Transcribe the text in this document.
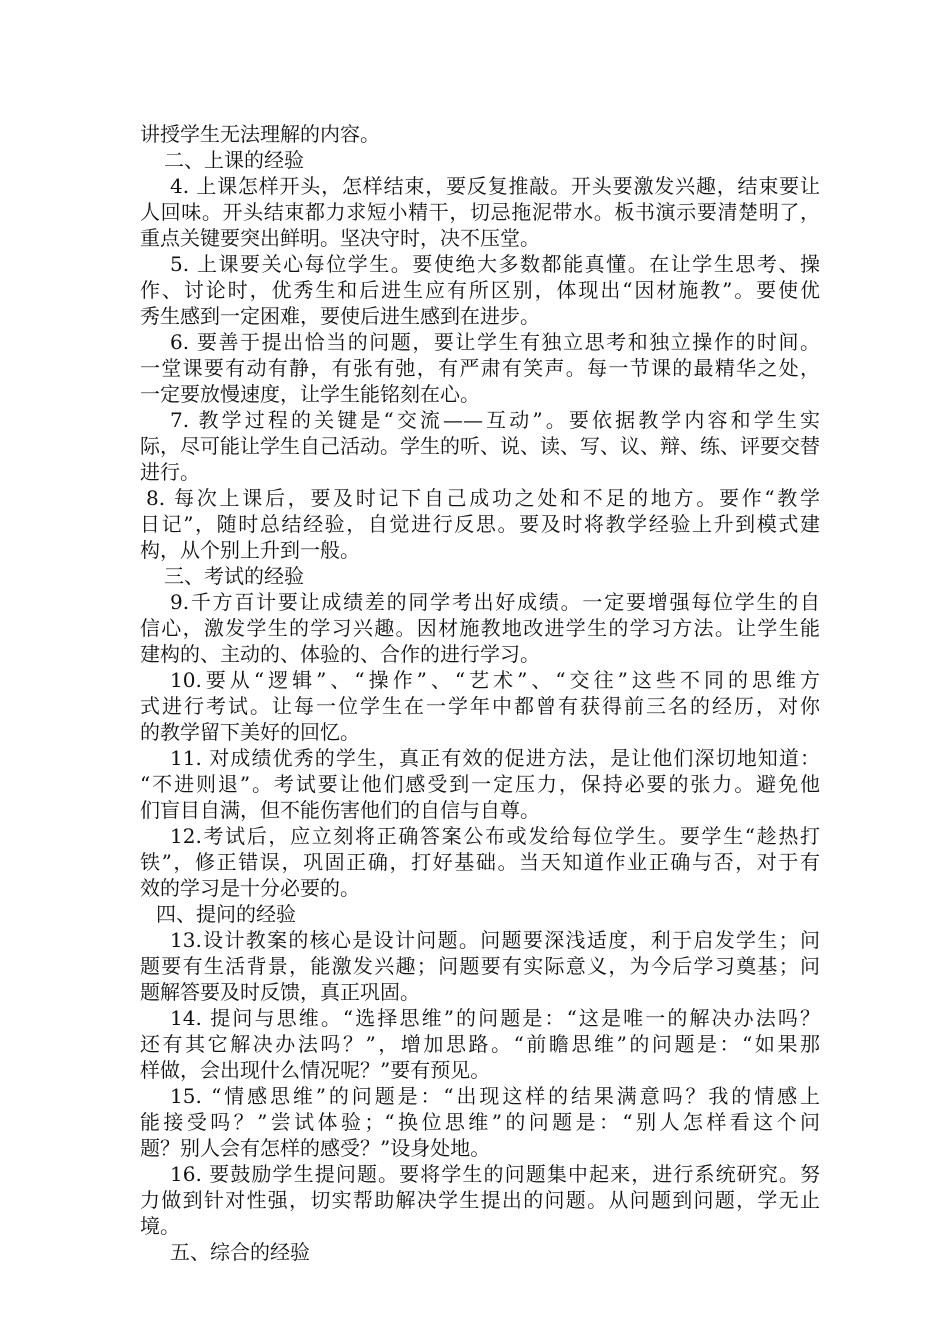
讲授学生无法理解的内容。
二、上课的经验
4. 上课怎样开头，怎样结束，要反复推敲。开头要激发兴趣，结束要让
人回味。开头结束都力求短小精干，切忌拖泥带水。板书演示要清楚明了，
重点关键要突出鲜明。坚决守时，决不压堂。
5. 上课要关心每位学生。要使绝大多数都能真懂。在让学生思考、操
作、讨论时，优秀生和后进生应有所区别，体现出“因材施教”。要使优
秀生感到一定困难，要使后进生感到在进步。
6. 要善于提出恰当的问题，要让学生有独立思考和独立操作的时间。
一堂课要有动有静，有张有弛，有严肃有笑声。每一节课的最精华之处，
一定要放慢速度，让学生能铭刻在心。
7. 教学过程的关键是“交流——互动”。要依据教学内容和学生实
际，尽可能让学生自己活动。学生的听、说、读、写、议、辩、练、评要交替
进行。
8. 每次上课后，要及时记下自己成功之处和不足的地方。要作“教学
日记”，随时总结经验，自觉进行反思。要及时将教学经验上升到模式建
构，从个别上升到一般。
三、考试的经验
9.千方百计要让成绩差的同学考出好成绩。一定要增强每位学生的自
信心，激发学生的学习兴趣。因材施教地改进学生的学习方法。让学生能
建构的、主动的、体验的、合作的进行学习。
10.要从“逻辑”、“操作”、“艺术”、“交往”这些不同的思维方
式进行考试。让每一位学生在一学年中都曾有获得前三名的经历，对你
的教学留下美好的回忆。
11. 对成绩优秀的学生，真正有效的促进方法，是让他们深切地知道：
“不进则退”。考试要让他们感受到一定压力，保持必要的张力。避免他
们盲目自满，但不能伤害他们的自信与自尊。
12.考试后，应立刻将正确答案公布或发给每位学生。要学生“趁热打
铁”，修正错误，巩固正确，打好基础。当天知道作业正确与否，对于有
效的学习是十分必要的。
四、提问的经验
13.设计教案的核心是设计问题。问题要深浅适度，利于启发学生；问
题要有生活背景，能激发兴趣；问题要有实际意义，为今后学习奠基；问
题解答要及时反馈，真正巩固。
14. 提问与思维。“选择思维”的问题是：“这是唯一的解决办法吗？
还有其它解决办法吗？”，增加思路。“前瞻思维”的问题是：“如果那
样做，会出现什么情况呢？”要有预见。
15. “情感思维”的问题是：“出现这样的结果满意吗？我的情感上
能接受吗？”尝试体验；“换位思维”的问题是：“别人怎样看这个问
题？别人会有怎样的感受？”设身处地。
16. 要鼓励学生提问题。要将学生的问题集中起来，进行系统研究。努
力做到针对性强，切实帮助解决学生提出的问题。从问题到问题，学无止
境。
五、综合的经验
